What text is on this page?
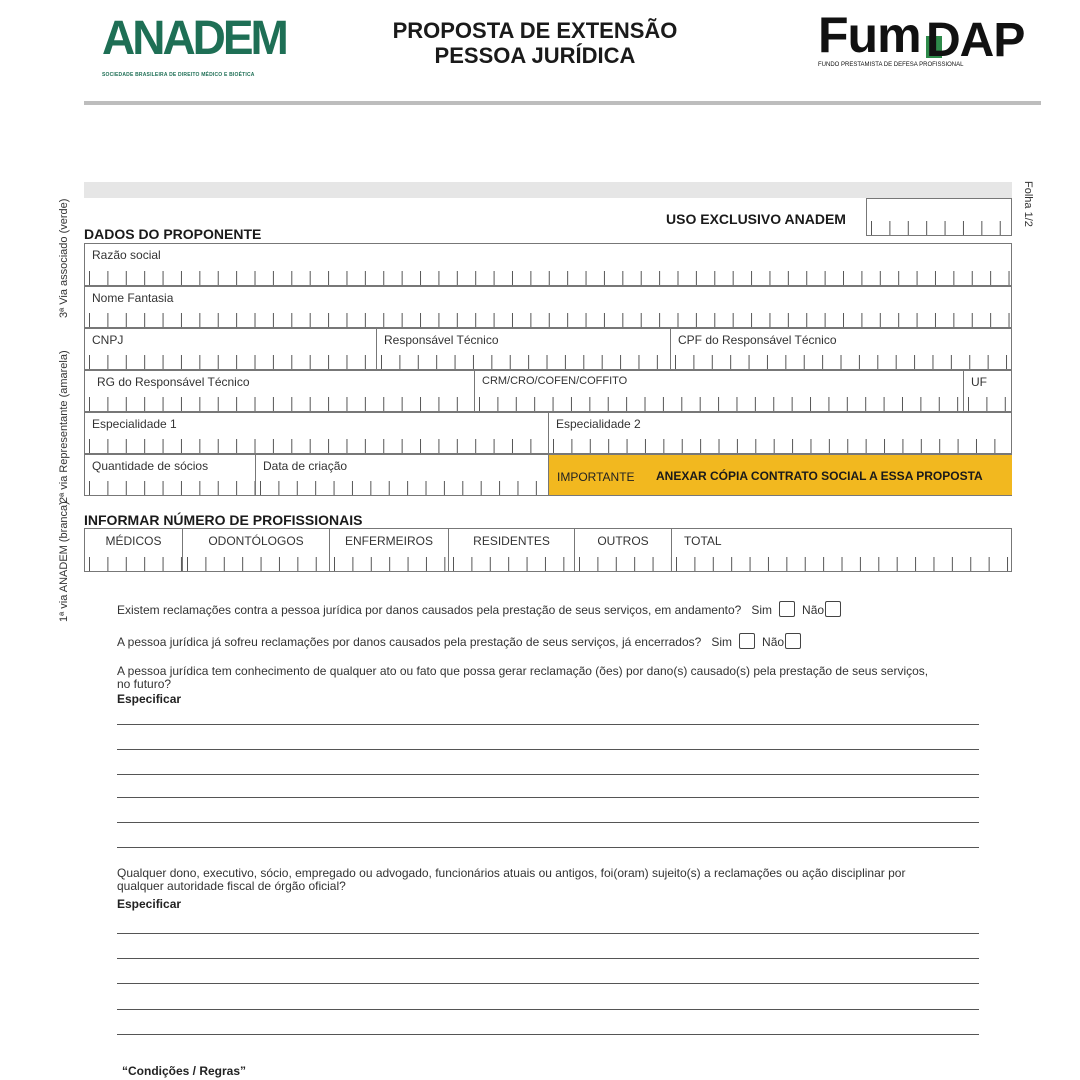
ANADEM
SOCIEDADE BRASILEIRA DE DIREITO MÉDICO E BIOÉTICA
PROPOSTA DE EXTENSÃO
PESSOA JURÍDICA	Fum DAP
FUNDO PRESTAMISTA DE DEFESA PROFISSIONAL
3ª Via associado (verde)
2ª via Representante (amarela)
1ª via ANADEM (branca)
Folha 1/2
USO EXCLUSIVO ANADEM
DADOS DO PROPONENTE
Razão social
Nome Fantasia
CNPJ	Responsável Técnico	CPF do Responsável Técnico
RG do Responsável Técnico	CRM/CRO/COFEN/COFFITO	UF
Especialidade 1	Especialidade 2
Quantidade de sócios	Data de criação
IMPORTANTE ANEXAR CÓPIA CONTRATO SOCIAL A ESSA PROPOSTA
INFORMAR NÚMERO DE PROFISSIONAIS
MÉDICOS	ODONTÓLOGOS	ENFERMEIROS	RESIDENTES	OUTROS	TOTAL
Existem reclamações contra a pessoa jurídica por danos causados pela prestação de seus serviços, em andamento? Sim	Não
A pessoa jurídica já sofreu reclamações por danos causados pela prestação de seus serviços, já encerrados? Sim	Não
A pessoa jurídica tem conhecimento de qualquer ato ou fato que possa gerar reclamação (ões) por dano(s) causado(s) pela prestação de seus serviços,
no futuro?
Especificar
Qualquer dono, executivo, sócio, empregado ou advogado, funcionários atuais ou antigos, foi(oram) sujeito(s) a reclamações ou ação disciplinar por
qualquer autoridade fiscal de órgão oficial?
Especificar
“Condições / Regras”
